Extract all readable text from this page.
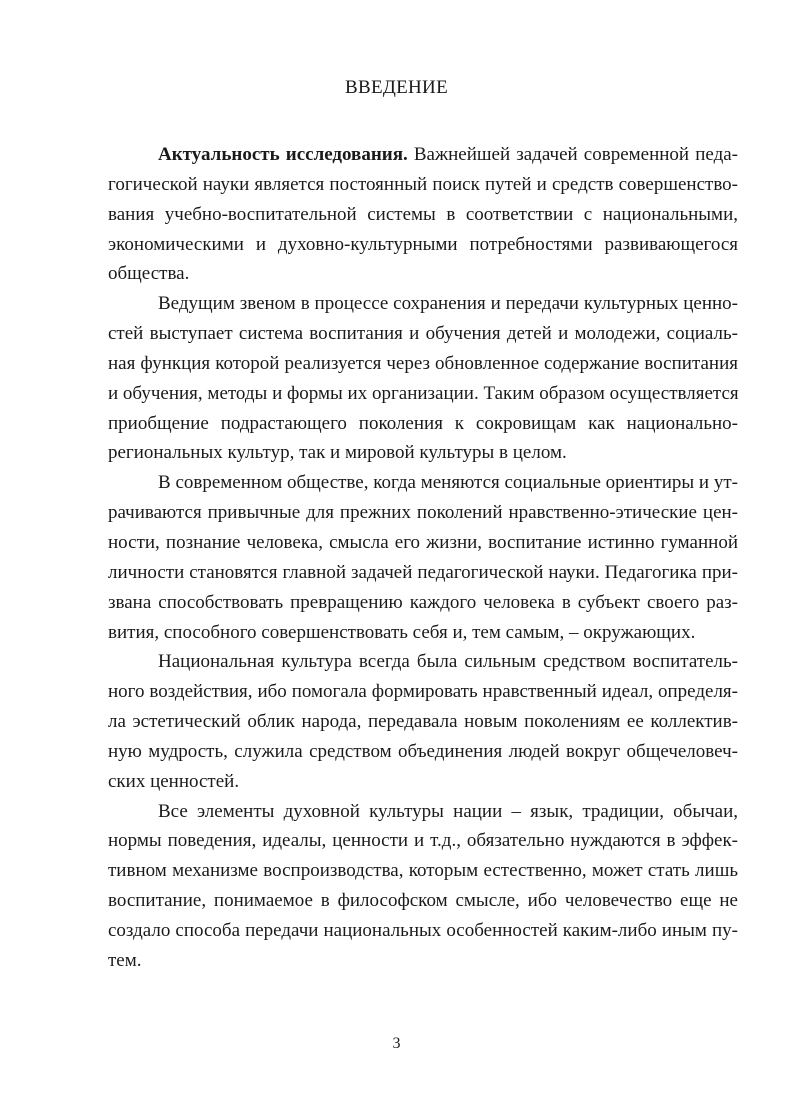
ВВЕДЕНИЕ
Актуальность исследования. Важнейшей задачей современной педа-
гогической науки является постоянный поиск путей и средств совершенство-
вания учебно-воспитательной системы в соответствии с национальными,
экономическими и духовно-культурными потребностями развивающегося
общества.
Ведущим звеном в процессе сохранения и передачи культурных ценно-
стей выступает система воспитания и обучения детей и молодежи, социаль-
ная функция которой реализуется через обновленное содержание воспитания
и обучения, методы и формы их организации. Таким образом осуществляется
приобщение подрастающего поколения к сокровищам как национально-
региональных культур, так и мировой культуры в целом.
В современном обществе, когда меняются социальные ориентиры и ут-
рачиваются привычные для прежних поколений нравственно-этические цен-
ности, познание человека, смысла его жизни, воспитание истинно гуманной
личности становятся главной задачей педагогической науки. Педагогика при-
звана способствовать превращению каждого человека в субъект своего раз-
вития, способного совершенствовать себя и, тем самым, – окружающих.
Национальная культура всегда была сильным средством воспитатель-
ного воздействия, ибо помогала формировать нравственный идеал, определя-
ла эстетический облик народа, передавала новым поколениям ее коллектив-
ную мудрость, служила средством объединения людей вокруг общечеловеч-
ских ценностей.
Все элементы духовной культуры нации – язык, традиции, обычаи,
нормы поведения, идеалы, ценности и т.д., обязательно нуждаются в эффек-
тивном механизме воспроизводства, которым естественно, может стать лишь
воспитание, понимаемое в философском смысле, ибо человечество еще не
создало способа передачи национальных особенностей каким-либо иным пу-
тем.
3
